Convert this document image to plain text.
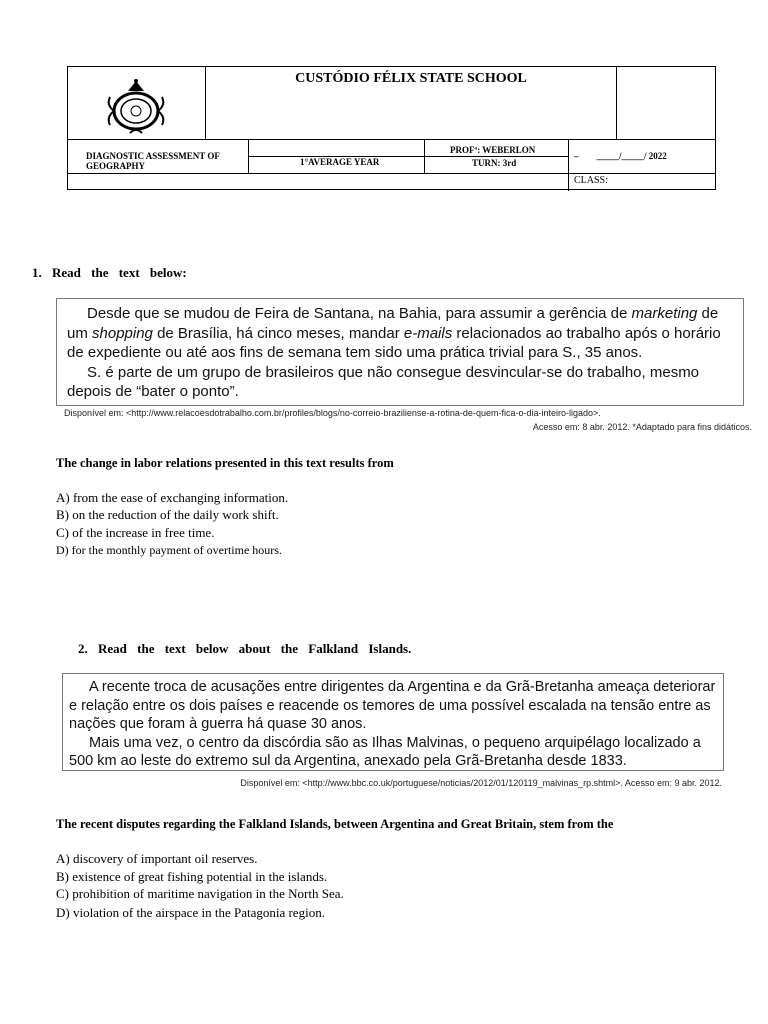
CUSTÓDIO FÉLIX STATE SCHOOL
DIAGNOSTIC ASSESSMENT OF GEOGRAPHY	1°AVERAGE YEAR
PROFª: WEBERLON
TURN: 3rd
–        _____/_____/ 2022
CLASS:
1. Read the text below:

Desde que se mudou de Feira de Santana, na Bahia, para assumir a gerência de marketing de um shopping de Brasília, há cinco meses, mandar e-mails relacionados ao trabalho após o horário de expediente ou até aos fins de semana tem sido uma prática trivial para S., 35 anos.

S. é parte de um grupo de brasileiros que não consegue desvincular-se do trabalho, mesmo depois de “bater o ponto”.

Disponível em: <http://www.relacoesdotrabalho.com.br/profiles/blogs/no-correio-braziliense-a-rotina-de-quem-fica-o-dia-inteiro-ligado>.
Acesso em: 8 abr. 2012. *Adaptado para fins didáticos.
The change in labor relations presented in this text results from
A) from the ease of exchanging information.
B) on the reduction of the daily work shift.
C) of the increase in free time.
D) for the monthly payment of overtime hours.
2. Read the text below about the Falkland Islands.

A recente troca de acusações entre dirigentes da Argentina e da Grã-Bretanha ameaça deteriorar e relação entre os dois países e reacende os temores de uma possível escalada na tensão entre as nações que foram à guerra há quase 30 anos.

Mais uma vez, o centro da discórdia são as Ilhas Malvinas, o pequeno arquipélago localizado a 500 km ao leste do extremo sul da Argentina, anexado pela Grã-Bretanha desde 1833.

Disponível em: <http://www.bbc.co.uk/portuguese/noticias/2012/01/120119_malvinas_rp.shtml>. Acesso em: 9 abr. 2012.
The recent disputes regarding the Falkland Islands, between Argentina and Great Britain, stem from the
A) discovery of important oil reserves.
B) existence of great fishing potential in the islands.
C) prohibition of maritime navigation in the North Sea.
D) violation of the airspace in the Patagonia region.
